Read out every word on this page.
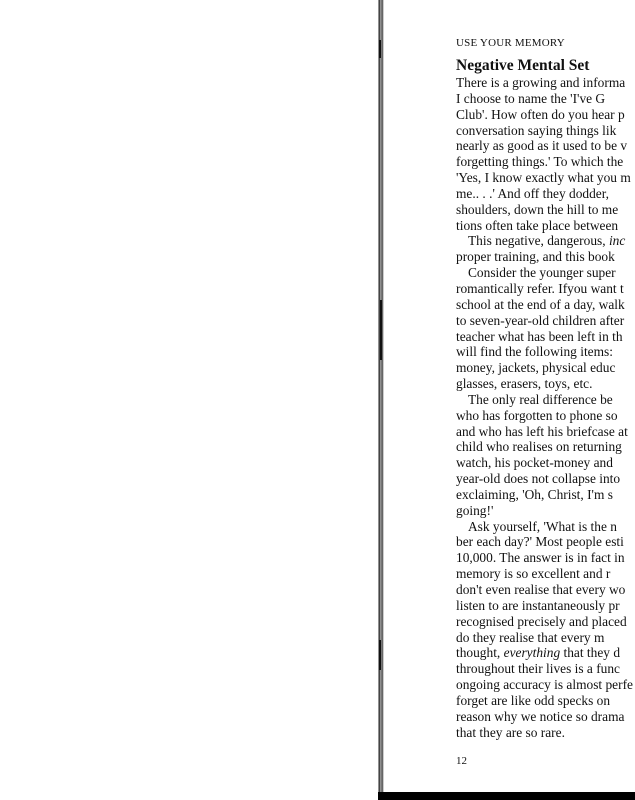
USE YOUR MEMORY

Negative Mental Set
There is a growing and informa
I choose to name the 'I've G
Club'. How often do you hear p
conversation saying things lik
nearly as good as it used to be v
forgetting things.' To which the
'Yes, I know exactly what you m
me.. . .' And off they dodder,
shoulders, down the hill to me
tions often take place between
This negative, dangerous, inc
proper training, and this book
Consider the younger super
romantically refer. Ifyou want t
school at the end of a day, walk
to seven-year-old children after
teacher what has been left in th
will find the following items:
money, jackets, physical educ
glasses, erasers, toys, etc.
The only real difference be
who has forgotten to phone so
and who has left his briefcase at
child who realises on returning
watch, his pocket-money and
year-old does not collapse into
exclaiming, 'Oh, Christ, I'm s
going!'
Ask yourself, 'What is the n
ber each day?' Most people esti
10,000. The answer is in fact in
memory is so excellent and r
don't even realise that every wo
listen to are instantaneously pr
recognised precisely and placed
do they realise that every m
thought, everything that they d
throughout their lives is a func
ongoing accuracy is almost perfe
forget are like odd specks on
reason why we notice so drama
that they are so rare.

12
